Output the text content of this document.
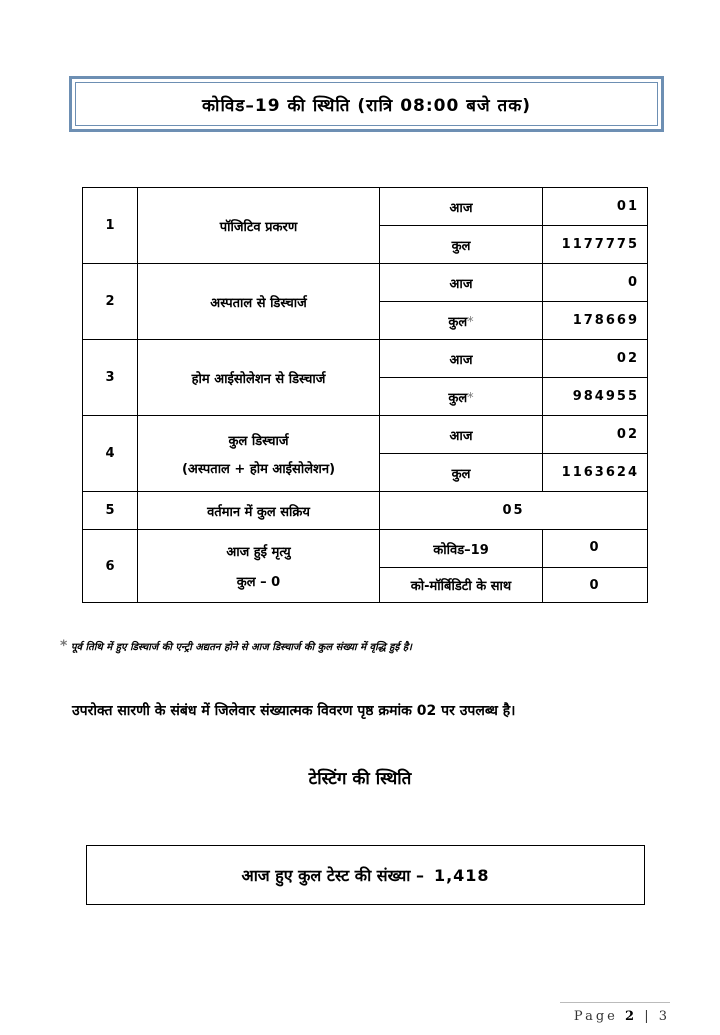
कोविड–19 की स्थिति (रात्रि 08:00 बजे तक)
1	पॉजिटिव प्रकरण	आज	01
		कुल	1177775
2	अस्पताल से डिस्चार्ज	आज	0
		कुल*	178669
3	होम आईसोलेशन से डिस्चार्ज	आज	02
		कुल*	984955
4	कुल डिस्चार्ज
(अस्पताल + होम आईसोलेशन)	आज	02
		कुल	1163624
5	वर्तमान में कुल सक्रिय	05	
6	आज हुई मृत्यु
कुल – 0	कोविड–19	0
		को-मॉर्बिडिटी के साथ	0
* पूर्व तिथि में हुए डिस्चार्ज की एन्ट्री अद्यतन होने से आज डिस्चार्ज की कुल संख्या में वृद्धि हुई है।
उपरोक्त सारणी के संबंध में जिलेवार संख्यात्मक विवरण पृष्ठ क्रमांक 02 पर उपलब्ध है।
टेस्टिंग की स्थिति
आज हुए कुल टेस्ट की संख्या – 1,418
Page 2 | 3
